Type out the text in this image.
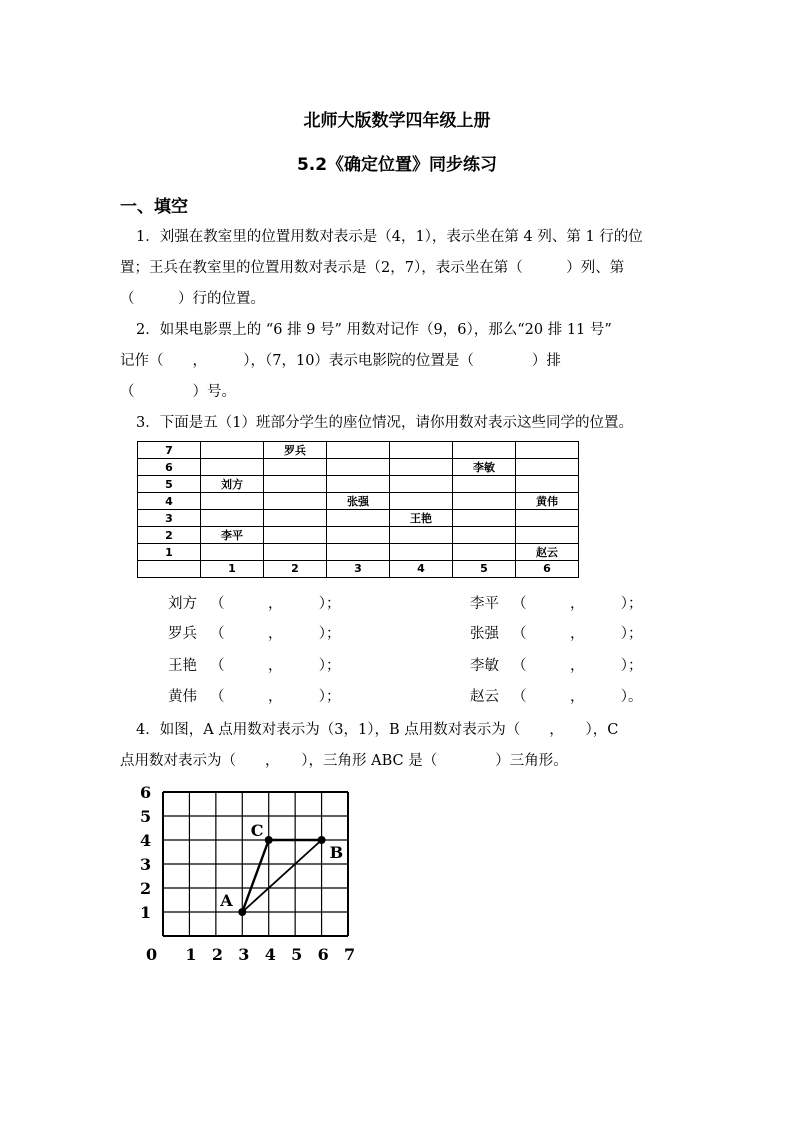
北师大版数学四年级上册
5.2《确定位置》同步练习
一、填空
1．刘强在教室里的位置用数对表示是（4，1），表示坐在第 4 列、第 1 行的位
置；王兵在教室里的位置用数对表示是（2，7），表示坐在第（　　　）列、第
（　　　）行的位置。
2．如果电影票上的 “6 排 9 号” 用数对记作（9，6），那么“20 排 11 号”
记作（　　，　　　），（7，10）表示电影院的位置是（　　　　）排
（　　　　）号。
3．下面是五（1）班部分学生的座位情况，请你用数对表示这些同学的位置。
7		罗兵				
6					李敏	
5	刘方					
4			张强			黄伟
3				王艳		
2	李平					
1						赵云
	1	2	3	4	5	6
刘方 （　　　，　　　）；	李平 （　　　，　　　）；
罗兵 （　　　，　　　）；	张强 （　　　，　　　）；
王艳 （　　　，　　　）；	李敏 （　　　，　　　）；
黄伟 （　　　，　　　）；	赵云 （　　　，　　　）。
4．如图，A 点用数对表示为（3，1），B 点用数对表示为（　　，　　），C
点用数对表示为（　　，　　），三角形 ABC 是（　　　　）三角形。
0 1 2 3 4 5 6 7
1
2
3
4
5
6
A
B
C
